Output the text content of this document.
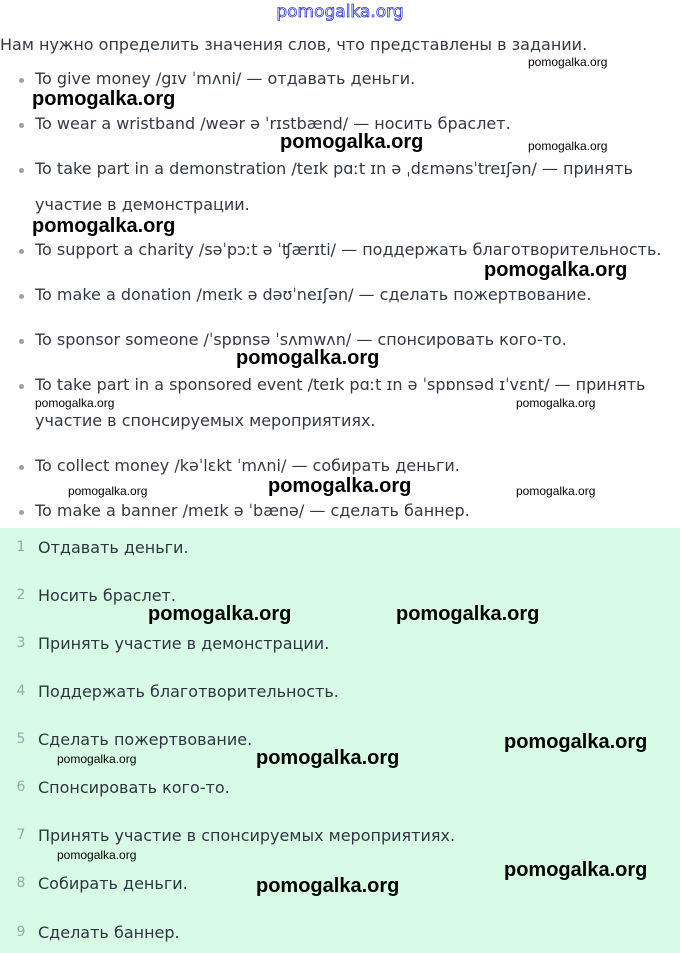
pomogalka.org
Нам нужно определить значения слов, что представлены в задании.
To give money /gɪv ˈmʌni/ — отдавать деньги.
To wear a wristband /weər ə ˈrɪstbænd/ — носить браслет.
To take part in a demonstration /teɪk pɑːt ɪn ə ˌdɛmənsˈtreɪʃən/ — принять
участие в демонстрации.
To support a charity /səˈpɔːt ə ˈʧærɪti/ — поддержать благотворительность.
To make a donation /meɪk ə dəʊˈneɪʃən/ — сделать пожертвование.
To sponsor someone /ˈspɒnsə ˈsʌmwʌn/ — спонсировать кого-то.
To take part in a sponsored event /teɪk pɑːt ɪn ə ˈspɒnsəd ɪˈvɛnt/ — принять
участие в спонсируемых мероприятиях.
To collect money /kəˈlɛkt ˈmʌni/ — собирать деньги.
To make a banner /meɪk ə ˈbænə/ — сделать баннер.
1 Отдавать деньги.
2 Носить браслет.
3 Принять участие в демонстрации.
4 Поддержать благотворительность.
5 Сделать пожертвование.
6 Спонсировать кого-то.
7 Принять участие в спонсируемых мероприятиях.
8 Собирать деньги.
9 Сделать баннер.
pomogalka.org
pomogalka.org
pomogalka.org	pomogalka.org
pomogalka.org
pomogalka.org
pomogalka.org
pomogalka.org	pomogalka.org
pomogalka.org
pomogalka.org	pomogalka.org
pomogalka.org	pomogalka.org
pomogalka.org
pomogalka.org	pomogalka.org
pomogalka.org
pomogalka.org
pomogalka.org
